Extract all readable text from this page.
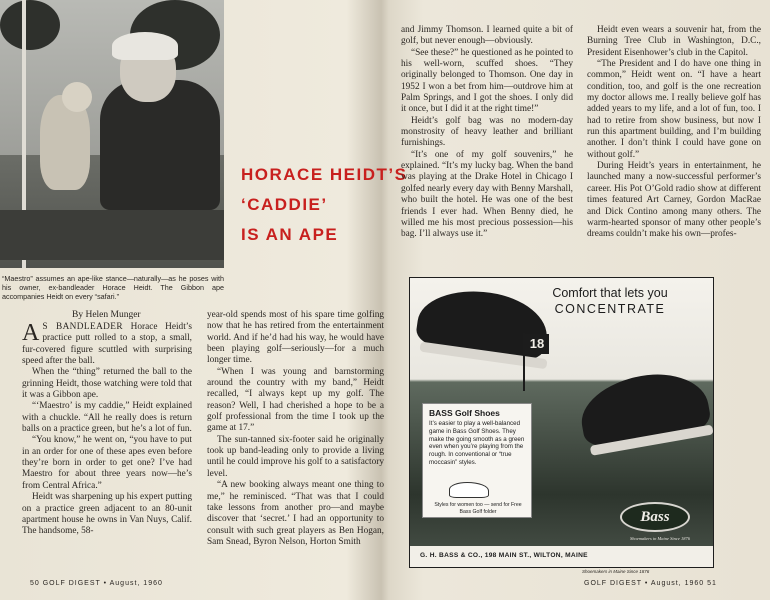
“Maestro” assumes an ape-like stance—naturally—as he poses with his owner, ex-bandleader Horace Heidt. The Gibbon ape accompanies Heidt on every “safari.”
HORACE HEIDT’S
‘CADDIE’
IS AN APE
By Helen Munger

A S BANDLEADER Horace Heidt’s practice putt rolled to a stop, a small, fur-covered figure scuttled with surprising speed after the ball.

When the “thing” returned the ball to the grinning Heidt, those watching were told that it was a Gibbon ape.

“‘Maestro’ is my caddie,” Heidt explained with a chuckle. “All he really does is return balls on a practice green, but he’s a lot of fun.

“You know,” he went on, “you have to put in an order for one of these apes even before they’re born in order to get one? I’ve had Maestro for about three years now—he’s from Central Africa.”

Heidt was sharpening up his expert putting on a practice green adjacent to an 80-unit apartment house he owns in Van Nuys, Calif. The handsome, 58-

year-old spends most of his spare time golfing now that he has retired from the entertainment world. And if he’d had his way, he would have been playing golf—seriously—for a much longer time.

“When I was young and barnstorming around the country with my band,” Heidt recalled, “I always kept up my golf. The reason? Well, I had cherished a hope to be a golf professional from the time I took up the game at 17.”

The sun-tanned six-footer said he originally took up band-leading only to provide a living until he could improve his golf to a satisfactory level.

“A new booking always meant one thing to me,” he reminisced. “That was that I could take lessons from another pro—and maybe discover that ‘secret.’ I had an opportunity to consult with such great players as Ben Hogan, Sam Snead, Byron Nelson, Horton Smith

50 GOLF DIGEST • August, 1960

and Jimmy Thomson. I learned quite a bit of golf, but never enough—obviously.

“See these?” he questioned as he pointed to his well-worn, scuffed shoes. “They originally belonged to Thomson. One day in 1952 I won a bet from him—outdrove him at Palm Springs, and I got the shoes. I only did it once, but I did it at the right time!”

Heidt’s golf bag was no modern-day monstrosity of heavy leather and brilliant furnishings.

“It’s one of my golf souvenirs,” he explained. “It’s my lucky bag. When the band was playing at the Drake Hotel in Chicago I golfed nearly every day with Benny Marshall, who built the hotel. He was one of the best friends I ever had. When Benny died, he willed me his most precious possession—his bag. I’ll always use it.”

Heidt even wears a souvenir hat, from the Burning Tree Club in Washington, D.C., President Eisenhower’s club in the Capitol.

“The President and I do have one thing in common,” Heidt went on. “I have a heart condition, too, and golf is the one recreation my doctor allows me. I really believe golf has added years to my life, and a lot of fun, too. I had to retire from show business, but now I run this apartment building, and I’m building another. I don’t think I could have gone on without golf.”

During Heidt’s years in entertainment, he launched many a now-successful performer’s career. His Pot O’Gold radio show at different times featured Art Carney, Gordon MacRae and Dick Contino among many others. The warm-hearted sponsor of many other people’s dreams couldn’t make his own—profes-

Comfort that lets you
CONCENTRATE
18
BASS Golf Shoes
It’s easier to play a well-balanced game in Bass Golf Shoes. They make the going smooth as a green even when you’re playing from the rough. In conventional or “true moccasin” styles.
Styles for women too — send for Free Bass Golf folder	Bass
Shoemakers in Maine Since 1876
G. H. BASS & CO., 198 MAIN ST., WILTON, MAINE
Shoemakers in Maine Since 1876
GOLF DIGEST • August, 1960 51
